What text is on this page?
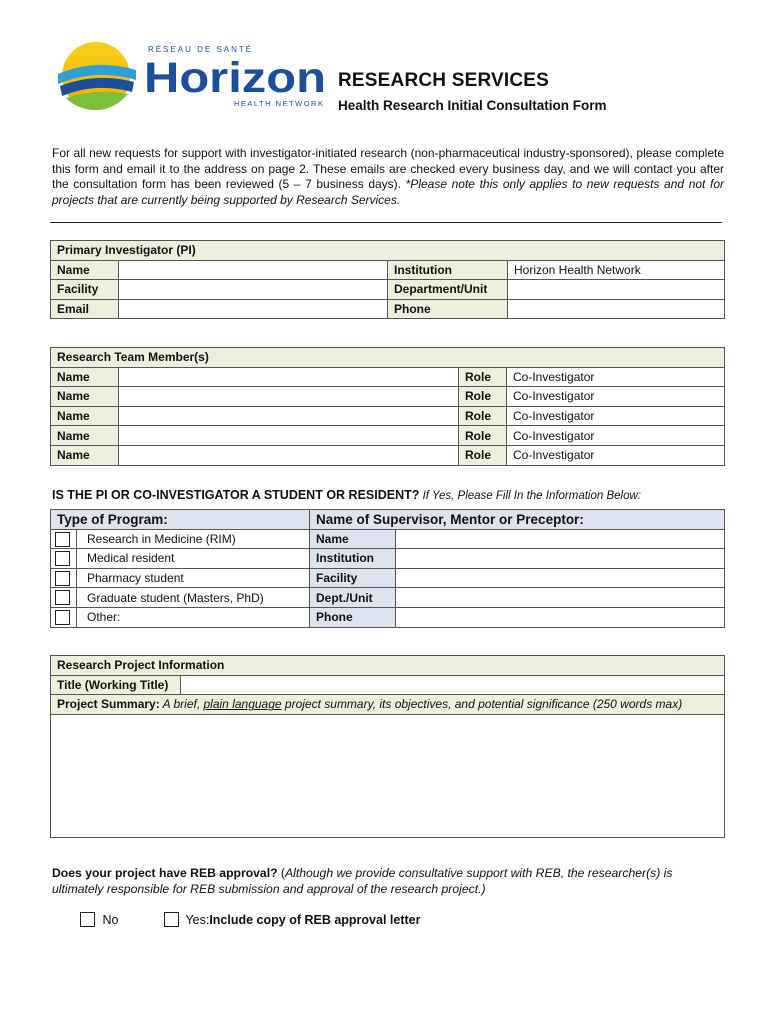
RÉSEAU DE SANTÉ
Horizon
HEALTH NETWORK
RESEARCH SERVICES
Health Research Initial Consultation Form
For all new requests for support with investigator-initiated research (non-pharmaceutical industry-sponsored), please complete this form and email it to the address on page 2. These emails are checked every business day, and we will contact you after the consultation form has been reviewed (5 – 7 business days). *Please note this only applies to new requests and not for projects that are currently being supported by Research Services.
Primary Investigator (PI)			
Name		Institution	Horizon Health Network
Facility		Department/Unit	
Email		Phone	
Research Team Member(s)			
Name		Role	Co-Investigator
Name		Role	Co-Investigator
Name		Role	Co-Investigator
Name		Role	Co-Investigator
Name		Role	Co-Investigator
IS THE PI OR CO-INVESTIGATOR A STUDENT OR RESIDENT? If Yes, Please Fill In the Information Below:
Type of Program:		Name of Supervisor, Mentor or Preceptor:	
	Research in Medicine (RIM)	Name	
	Medical resident	Institution	
	Pharmacy student	Facility	
	Graduate student (Masters, PhD)	Dept./Unit	
	Other:	Phone	
Research Project Information
Title (Working Title)	
Project Summary: A brief, plain language project summary, its objectives, and potential significance (250 words max)

Does your project have REB approval? (Although we provide consultative support with REB, the researcher(s) is ultimately responsible for REB submission and approval of the research project.)
No	Yes:Include copy of REB approval letter
